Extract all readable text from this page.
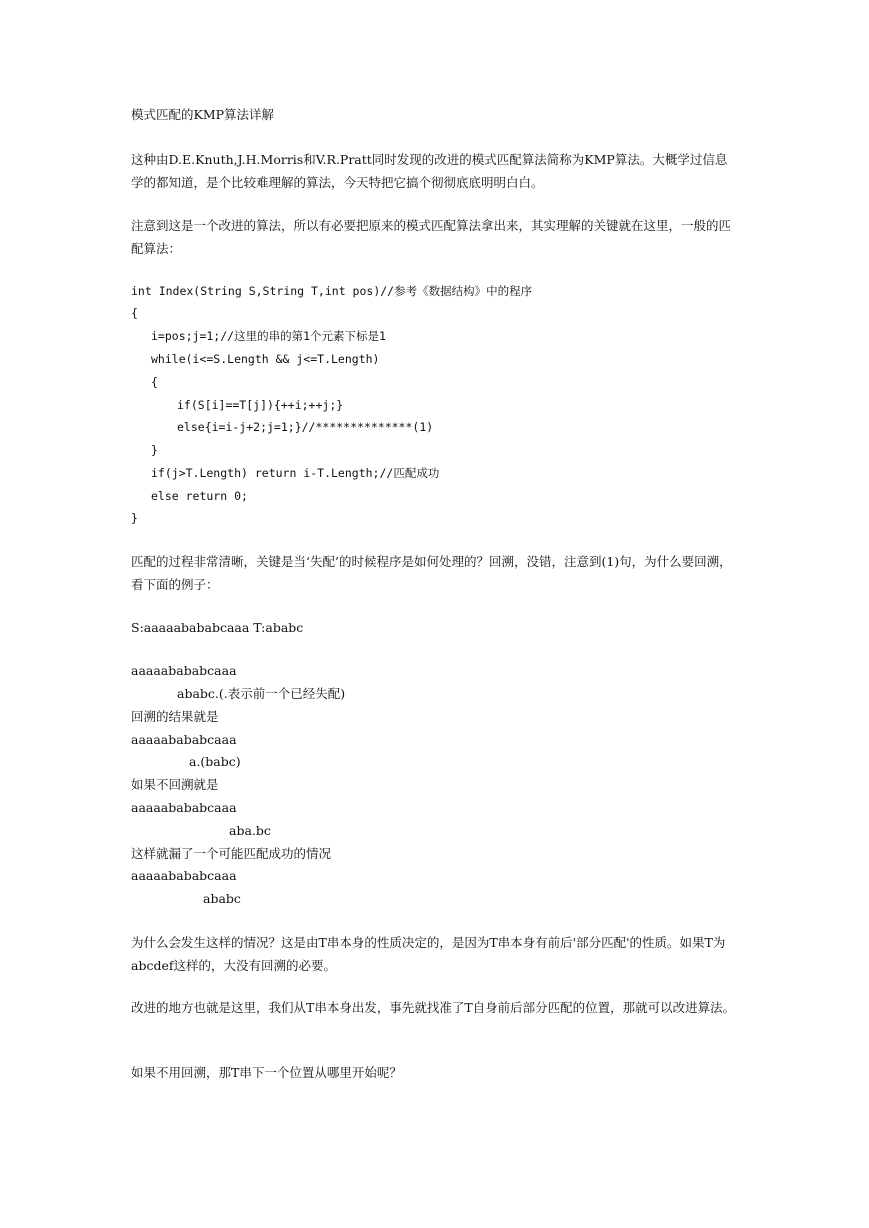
模式匹配的KMP算法详解
这种由D.E.Knuth,J.H.Morris和V.R.Pratt同时发现的改进的模式匹配算法简称为KMP算法。大概学过信息学的都知道，是个比较难理解的算法，今天特把它搞个彻彻底底明明白白。
注意到这是一个改进的算法，所以有必要把原来的模式匹配算法拿出来，其实理解的关键就在这里，一般的匹配算法：
int Index(String S,String T,int pos)//参考《数据结构》中的程序
{
i=pos;j=1;//这里的串的第1个元素下标是1
while(i<=S.Length && j<=T.Length)
{
if(S[i]==T[j]){++i;++j;}
else{i=i-j+2;j=1;}//**************(1)
}
if(j>T.Length) return i-T.Length;//匹配成功
else return 0;
}
匹配的过程非常清晰，关键是当‘失配’的时候程序是如何处理的？回溯，没错，注意到(1)句，为什么要回溯，看下面的例子：
S:aaaaabababcaaa T:ababc
aaaaabababcaaa
ababc.(.表示前一个已经失配)
回溯的结果就是
aaaaabababcaaa
a.(babc)
如果不回溯就是
aaaaabababcaaa
aba.bc
这样就漏了一个可能匹配成功的情况
aaaaabababcaaa
ababc
为什么会发生这样的情况？这是由T串本身的性质决定的，是因为T串本身有前后'部分匹配'的性质。如果T为abcdef这样的，大没有回溯的必要。
改进的地方也就是这里，我们从T串本身出发，事先就找准了T自身前后部分匹配的位置，那就可以改进算法。
如果不用回溯，那T串下一个位置从哪里开始呢？
